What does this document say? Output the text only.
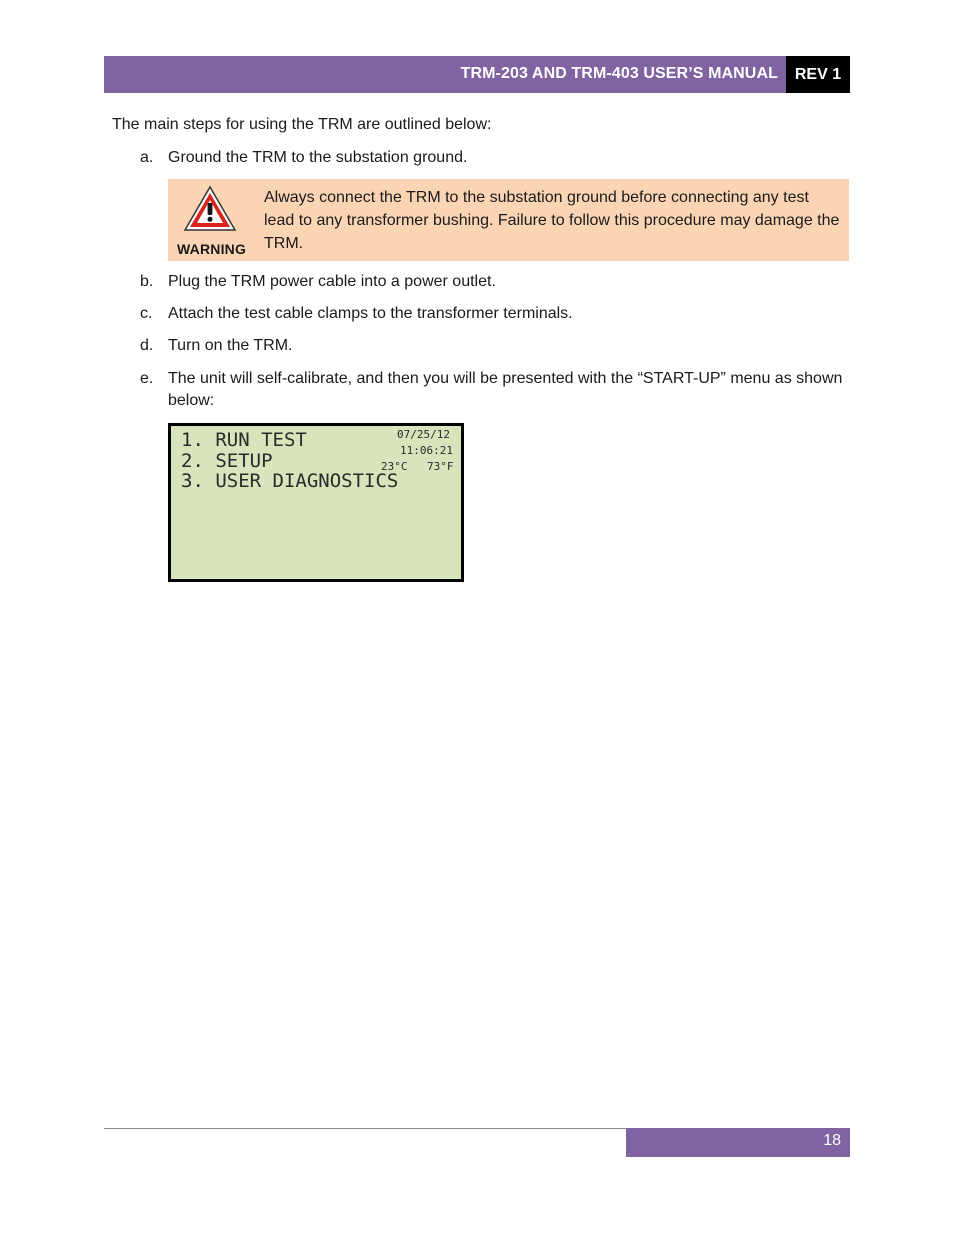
TRM-203 AND TRM-403 USER’S MANUAL	REV 1
The main steps for using the TRM are outlined below:
a. Ground the TRM to the substation ground.
WARNING
Always connect the TRM to the substation ground before connecting any test lead to any transformer bushing. Failure to follow this procedure may damage the TRM.
b. Plug the TRM power cable into a power outlet.
c. Attach the test cable clamps to the transformer terminals.
d. Turn on the TRM.
e. The unit will self-calibrate, and then you will be presented with the “START-UP” menu as shown below:
1. RUN TEST
2. SETUP
3. USER DIAGNOSTICS
07/25/12
11:06:21
23°C 73°F
18
